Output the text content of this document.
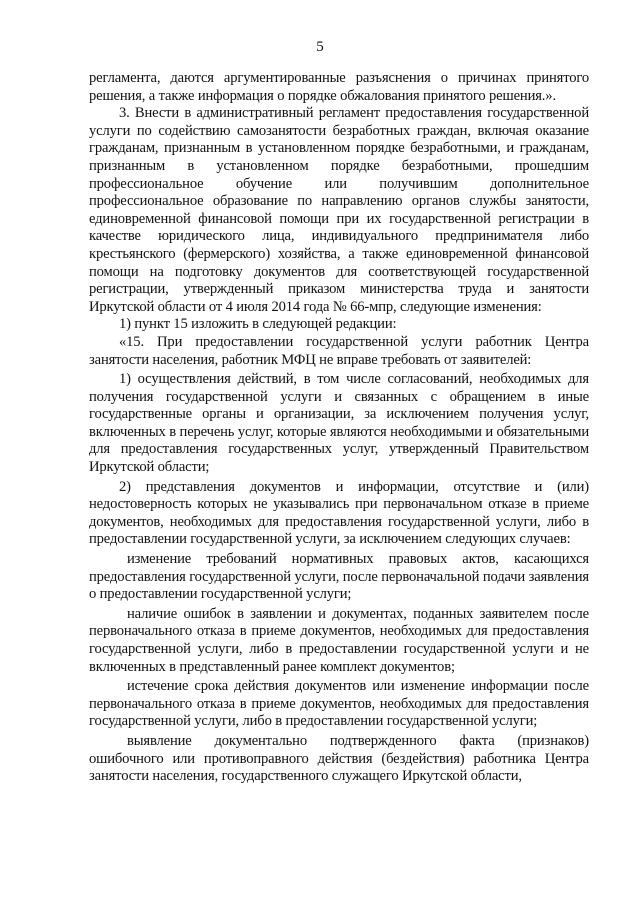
5

регламента, даются аргументированные разъяснения о причинах принятого решения, а также информация о порядке обжалования принятого решения.».

3. Внести в административный регламент предоставления государственной услуги по содействию самозанятости безработных граждан, включая оказание гражданам, признанным в установленном порядке безработными, и гражданам, признанным в установленном порядке безработными, прошедшим профессиональное обучение или получившим дополнительное профессиональное образование по направлению органов службы занятости, единовременной финансовой помощи при их государственной регистрации в качестве юридического лица, индивидуального предпринимателя либо крестьянского (фермерского) хозяйства, а также единовременной финансовой помощи на подготовку документов для соответствующей государственной регистрации, утвержденный приказом министерства труда и занятости Иркутской области от 4 июля 2014 года № 66-мпр, следующие изменения:

1) пункт 15 изложить в следующей редакции:

«15. При предоставлении государственной услуги работник Центра занятости населения, работник МФЦ не вправе требовать от заявителей:

1) осуществления действий, в том числе согласований, необходимых для получения государственной услуги и связанных с обращением в иные государственные органы и организации, за исключением получения услуг, включенных в перечень услуг, которые являются необходимыми и обязательными для предоставления государственных услуг, утвержденный Правительством Иркутской области;

2) представления документов и информации, отсутствие и (или) недостоверность которых не указывались при первоначальном отказе в приеме документов, необходимых для предоставления государственной услуги, либо в предоставлении государственной услуги, за исключением следующих случаев:

изменение требований нормативных правовых актов, касающихся предоставления государственной услуги, после первоначальной подачи заявления о предоставлении государственной услуги;

наличие ошибок в заявлении и документах, поданных заявителем после первоначального отказа в приеме документов, необходимых для предоставления государственной услуги, либо в предоставлении государственной услуги и не включенных в представленный ранее комплект документов;

истечение срока действия документов или изменение информации после первоначального отказа в приеме документов, необходимых для предоставления государственной услуги, либо в предоставлении государственной услуги;

выявление документально подтвержденного факта (признаков) ошибочного или противоправного действия (бездействия) работника Центра занятости населения, государственного служащего Иркутской области,
